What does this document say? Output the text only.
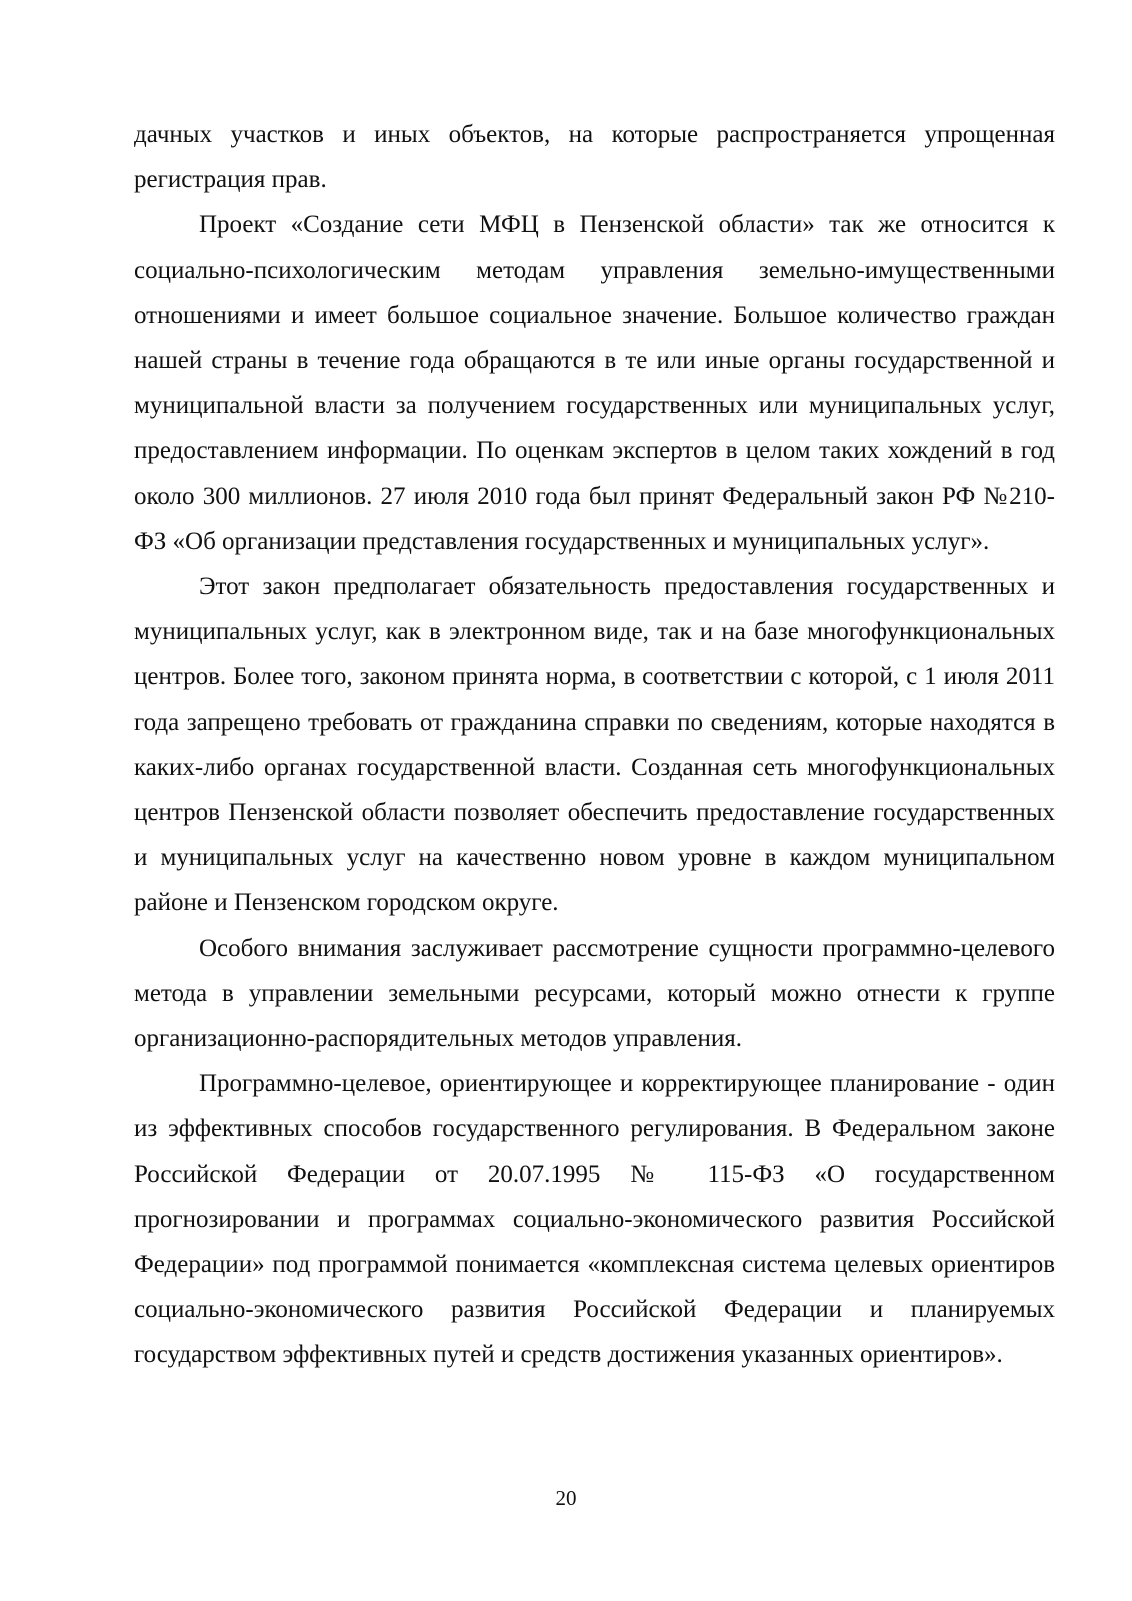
дачных участков и иных объектов, на которые распространяется упрощенная регистрация прав.

Проект «Создание сети МФЦ в Пензенской области» так же относится к социально-психологическим методам управления земельно-имущественными отношениями и имеет большое социальное значение. Большое количество граждан нашей страны в течение года обращаются в те или иные органы государственной и муниципальной власти за получением государственных или муниципальных услуг, предоставлением информации. По оценкам экспертов в целом таких хождений в год около 300 миллионов. 27 июля 2010 года был принят Федеральный закон РФ №210-ФЗ «Об организации представления государственных и муниципальных услуг».

Этот закон предполагает обязательность предоставления государственных и муниципальных услуг, как в электронном виде, так и на базе многофункциональных центров. Более того, законом принята норма, в соответствии с которой, с 1 июля 2011 года запрещено требовать от гражданина справки по сведениям, которые находятся в каких-либо органах государственной власти. Созданная сеть многофункциональных центров Пензенской области позволяет обеспечить предоставление государственных и муниципальных услуг на качественно новом уровне в каждом муниципальном районе и Пензенском городском округе.

Особого внимания заслуживает рассмотрение сущности программно-целевого метода в управлении земельными ресурсами, который можно отнести к группе организационно-распорядительных методов управления.

Программно-целевое, ориентирующее и корректирующее планирование - один из эффективных способов государственного регулирования. В Федеральном законе Российской Федерации от 20.07.1995 № 115-ФЗ «О государственном прогнозировании и программах социально-экономического развития Российской Федерации» под программой понимается «комплексная система целевых ориентиров социально-экономического развития Российской Федерации и планируемых государством эффективных путей и средств достижения указанных ориентиров».

20
